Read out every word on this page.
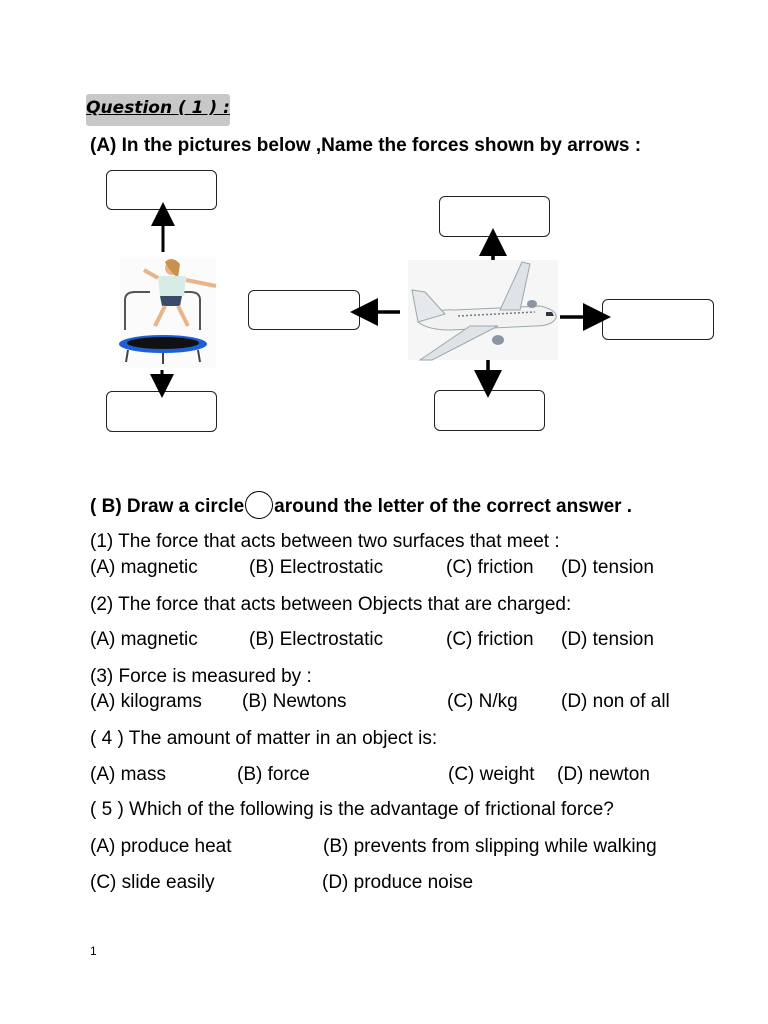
Question ( 1 ) :
(A) In the pictures below ,Name the forces shown by arrows :
( B) Draw a circle around the letter of the correct answer .
(1) The force that acts between two surfaces that meet :
(A) magnetic	(B) Electrostatic	(C) friction (D) tension
(2) The force that acts between Objects that are charged:
(A) magnetic	(B) Electrostatic	(C) friction (D) tension
(3) Force is measured by :
(A) kilograms (B) Newtons	(C) N/kg (D) non of all
( 4 ) The amount of matter in an object is:
(A) mass	(B) force	(C) weight (D) newton
( 5 ) Which of the following is the advantage of frictional force?
(A) produce heat	(B) prevents from slipping while walking
(C) slide easily	(D) produce noise
1
